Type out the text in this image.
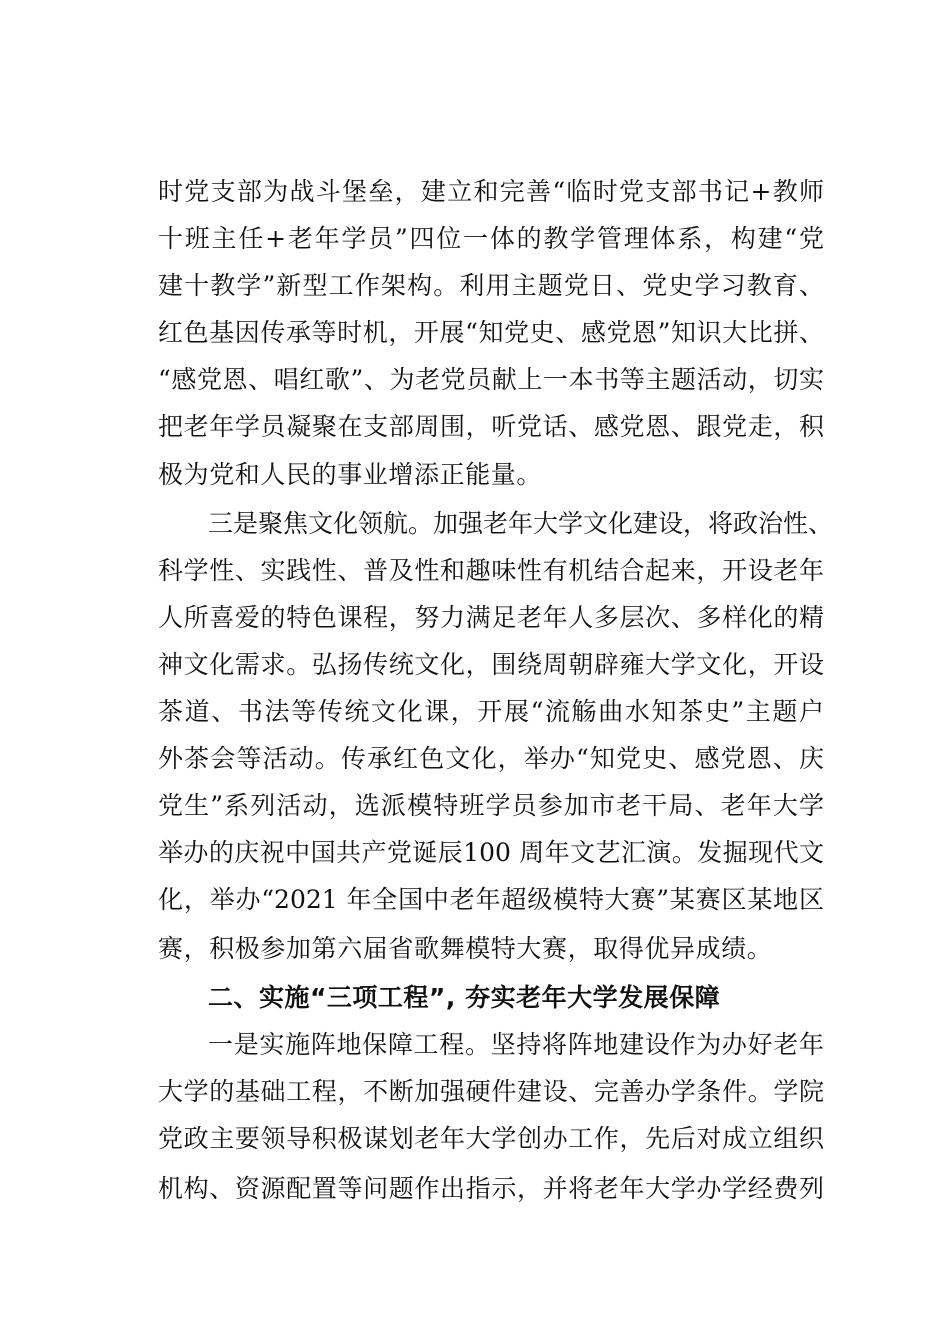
时党支部为战斗堡垒，建立和完善“临时党支部书记+教师
十班主任+老年学员”四位一体的教学管理体系，构建“党
建十教学”新型工作架构。利用主题党日、党史学习教育、
红色基因传承等时机，开展“知党史、感党恩”知识大比拼、
“感党恩、唱红歌”、为老党员献上一本书等主题活动，切实
把老年学员凝聚在支部周围，听党话、感党恩、跟党走，积
极为党和人民的事业增添正能量。
三是聚焦文化领航。加强老年大学文化建设，将政治性、
科学性、实践性、普及性和趣味性有机结合起来，开设老年
人所喜爱的特色课程，努力满足老年人多层次、多样化的精
神文化需求。弘扬传统文化，围绕周朝辟雍大学文化，开设
茶道、书法等传统文化课，开展“流觞曲水知茶史”主题户
外茶会等活动。传承红色文化，举办“知党史、感党恩、庆
党生”系列活动，选派模特班学员参加市老干局、老年大学
举办的庆祝中国共产党诞辰100 周年文艺汇演。发掘现代文
化，举办“2021 年全国中老年超级模特大赛”某赛区某地区
赛，积极参加第六届省歌舞模特大赛，取得优异成绩。
二、实施“三项工程”, 夯实老年大学发展保障
一是实施阵地保障工程。坚持将阵地建设作为办好老年
大学的基础工程，不断加强硬件建设、完善办学条件。学院
党政主要领导积极谋划老年大学创办工作，先后对成立组织
机构、资源配置等问题作出指示，并将老年大学办学经费列
